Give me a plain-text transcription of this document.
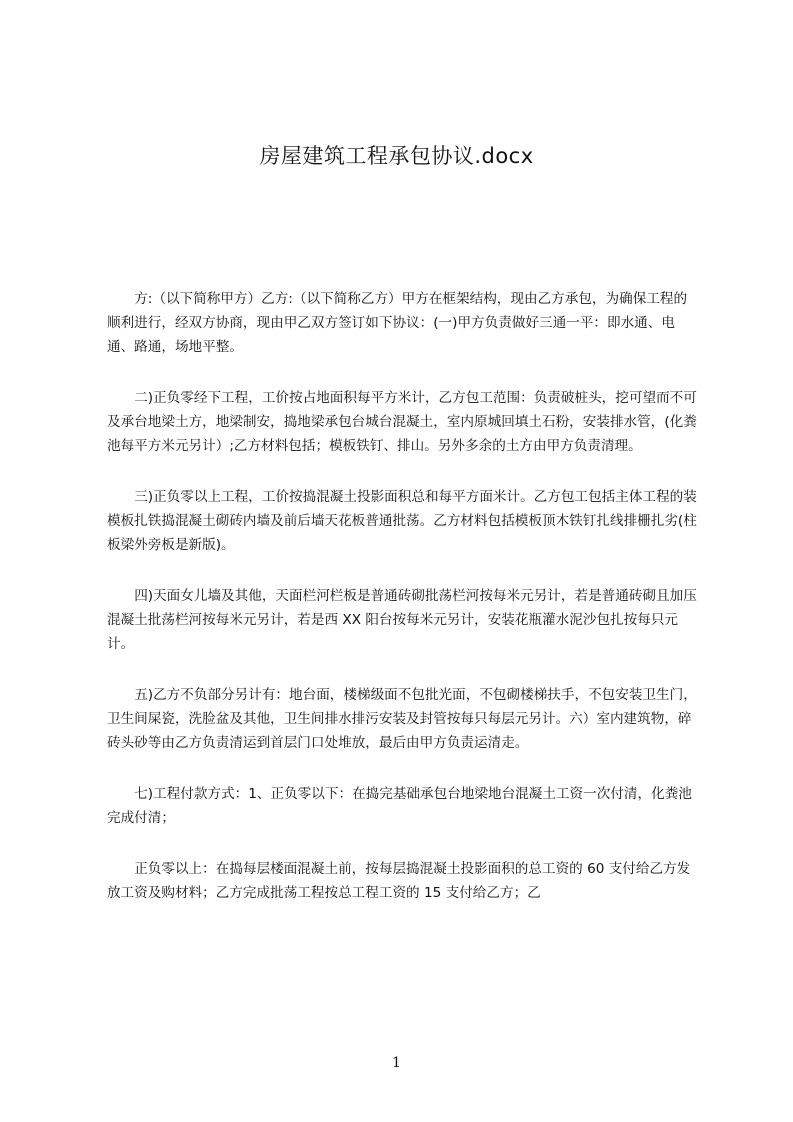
房屋建筑工程承包协议.docx

方:（以下简称甲方）乙方:（以下简称乙方）甲方在框架结构，现由乙方承包，为确保工程的顺利进行，经双方协商，现由甲乙双方签订如下协议：(一)甲方负责做好三通一平：即水通、电通、路通，场地平整。

二)正负零经下工程，工价按占地面积每平方米计，乙方包工范围：负责破桩头，挖可望而不可及承台地梁土方，地梁制安，捣地梁承包台城台混凝土，室内原城回填土石粉，安装排水管，(化粪池每平方米元另计）;乙方材料包括；模板铁钉、排山。另外多余的土方由甲方负责清理。

三)正负零以上工程，工价按捣混凝土投影面积总和每平方面米计。乙方包工包括主体工程的装模板扎铁捣混凝土砌砖内墙及前后墙天花板普通批荡。乙方材料包括模板顶木铁钉扎线排栅扎劣(柱板梁外旁板是新版)。

四)天面女儿墙及其他，天面栏河栏板是普通砖砌批荡栏河按每米元另计，若是普通砖砌且加压混凝土批荡栏河按每米元另计，若是西 XX 阳台按每米元另计，安装花瓶灌水泥沙包扎按每只元计。

五)乙方不负部分另计有：地台面，楼梯级面不包批光面，不包砌楼梯扶手，不包安装卫生门，卫生间屎瓷，洗脸盆及其他，卫生间排水排污安装及封管按每只每层元另计。六）室内建筑物，碎砖头砂等由乙方负责清运到首层门口处堆放，最后由甲方负责运清走。

七)工程付款方式：1、正负零以下：在捣完基础承包台地梁地台混凝土工资一次付清，化粪池完成付清；

正负零以上：在捣每层楼面混凝土前，按每层捣混凝土投影面积的总工资的 60 支付给乙方发放工资及购材料；乙方完成批荡工程按总工程工资的 15 支付给乙方；乙

1
